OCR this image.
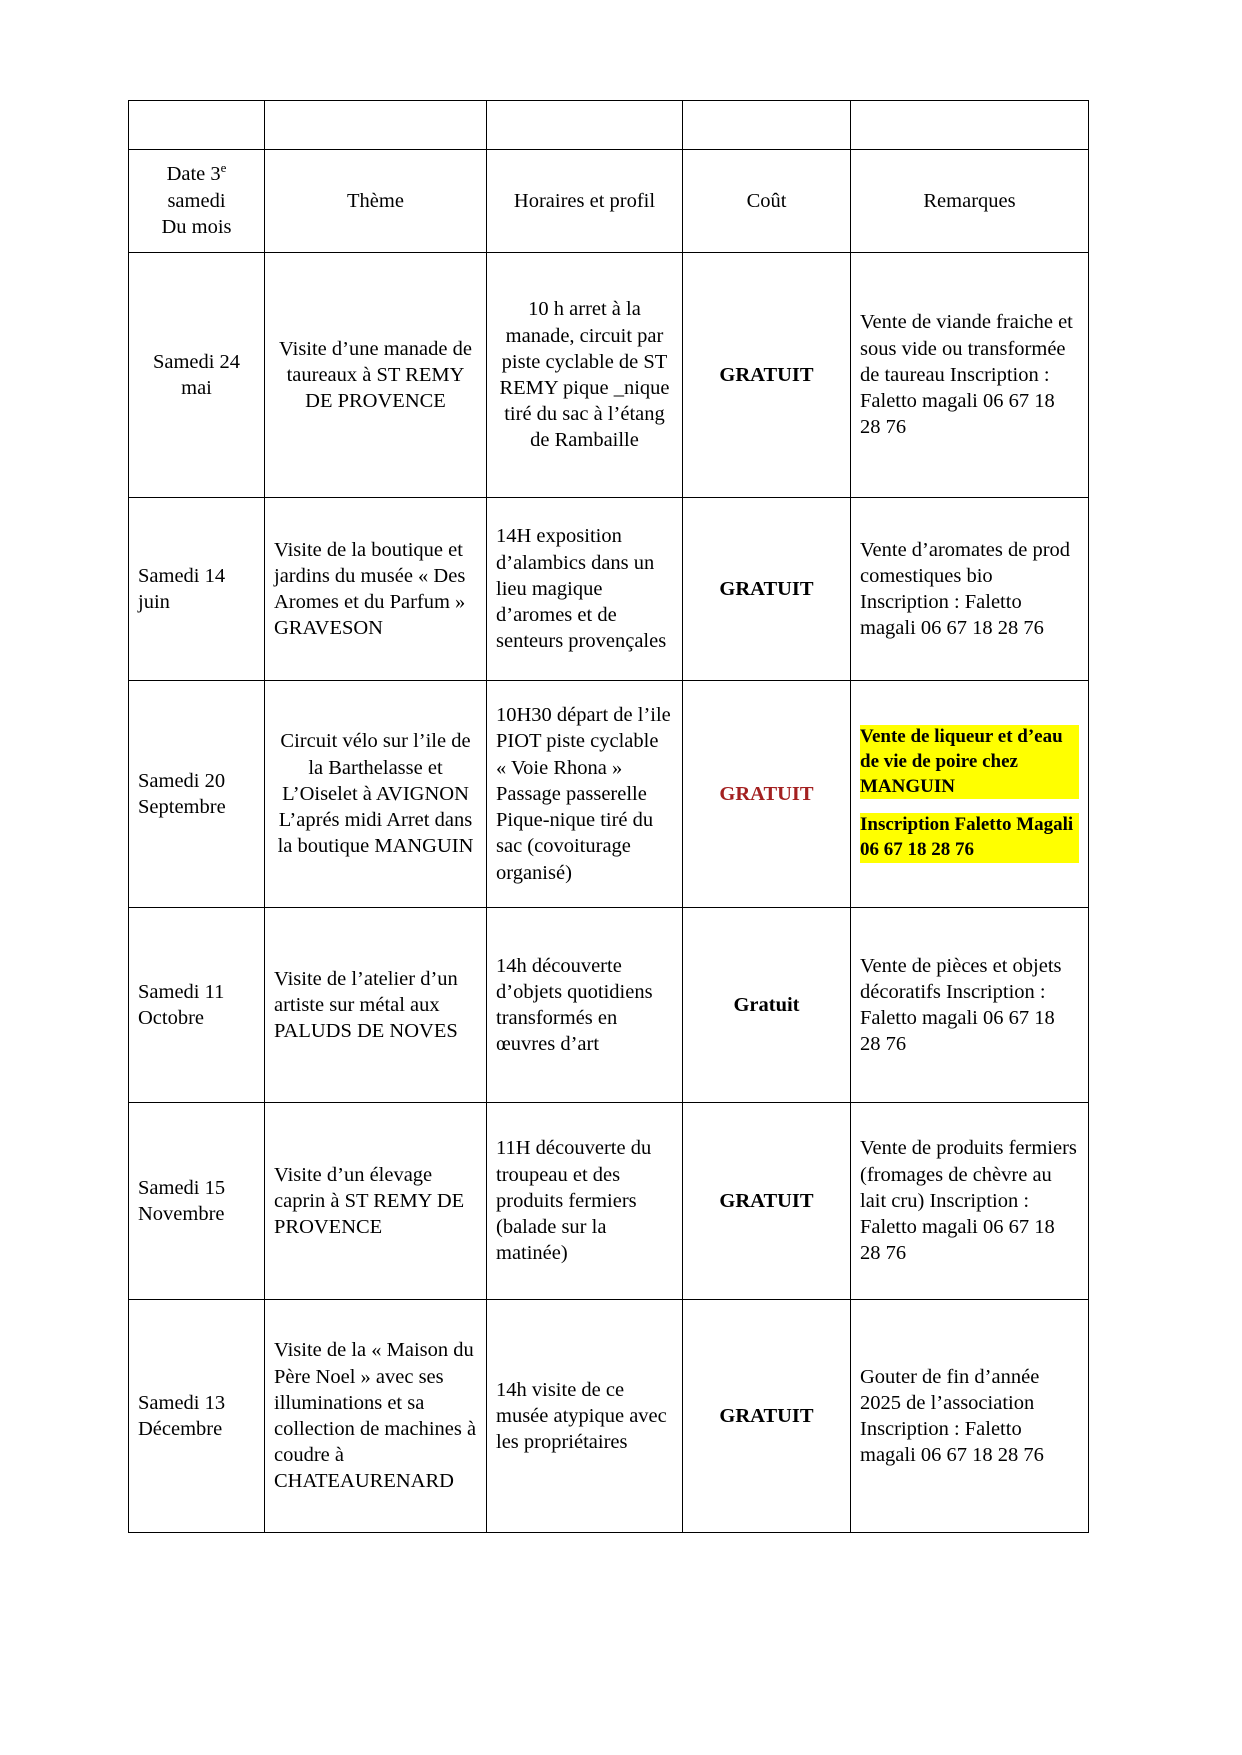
Date 3e
samedi
Du mois	Thème	Horaires et profil	Coût	Remarques
Samedi 24 mai	Visite d’une manade de taureaux à ST REMY DE PROVENCE	10 h arret à la manade, circuit par piste cyclable de ST REMY pique _nique tiré du sac à l’étang de Rambaille	GRATUIT	Vente de viande fraiche et sous vide ou transformée de taureau Inscription : Faletto magali 06 67 18 28 76
Samedi 14 juin	Visite de la boutique et jardins du musée « Des Aromes et du Parfum » GRAVESON	14H exposition d’alambics dans un lieu magique d’aromes et de senteurs provençales	GRATUIT	Vente d’aromates de prod comestiques bio Inscription : Faletto magali 06 67 18 28 76
Samedi 20 Septembre	Circuit vélo sur l’ile de la Barthelasse et L’Oiselet à AVIGNON L’aprés midi Arret dans la boutique MANGUIN	10H30 départ de l’ile PIOT piste cyclable « Voie Rhona » Passage passerelle Pique-nique tiré du sac (covoiturage organisé)	GRATUIT	Vente de liqueur et d’eau de vie de poire chez MANGUIN
Inscription Faletto Magali 06 67 18 28 76

Samedi 11 Octobre	Visite de l’atelier d’un artiste sur métal aux PALUDS DE NOVES	14h découverte d’objets quotidiens transformés en œuvres d’art	Gratuit	Vente de pièces et objets décoratifs Inscription : Faletto magali 06 67 18 28 76
Samedi 15 Novembre	Visite d’un élevage caprin à ST REMY DE PROVENCE	11H découverte du troupeau et des produits fermiers (balade sur la matinée)	GRATUIT	Vente de produits fermiers (fromages de chèvre au lait cru) Inscription : Faletto magali 06 67 18 28 76
Samedi 13 Décembre	Visite de la « Maison du Père Noel » avec ses illuminations et sa collection de machines à coudre à CHATEAURENARD	14h visite de ce musée atypique avec les propriétaires	GRATUIT	Gouter de fin d’année 2025 de l’association Inscription : Faletto magali 06 67 18 28 76
